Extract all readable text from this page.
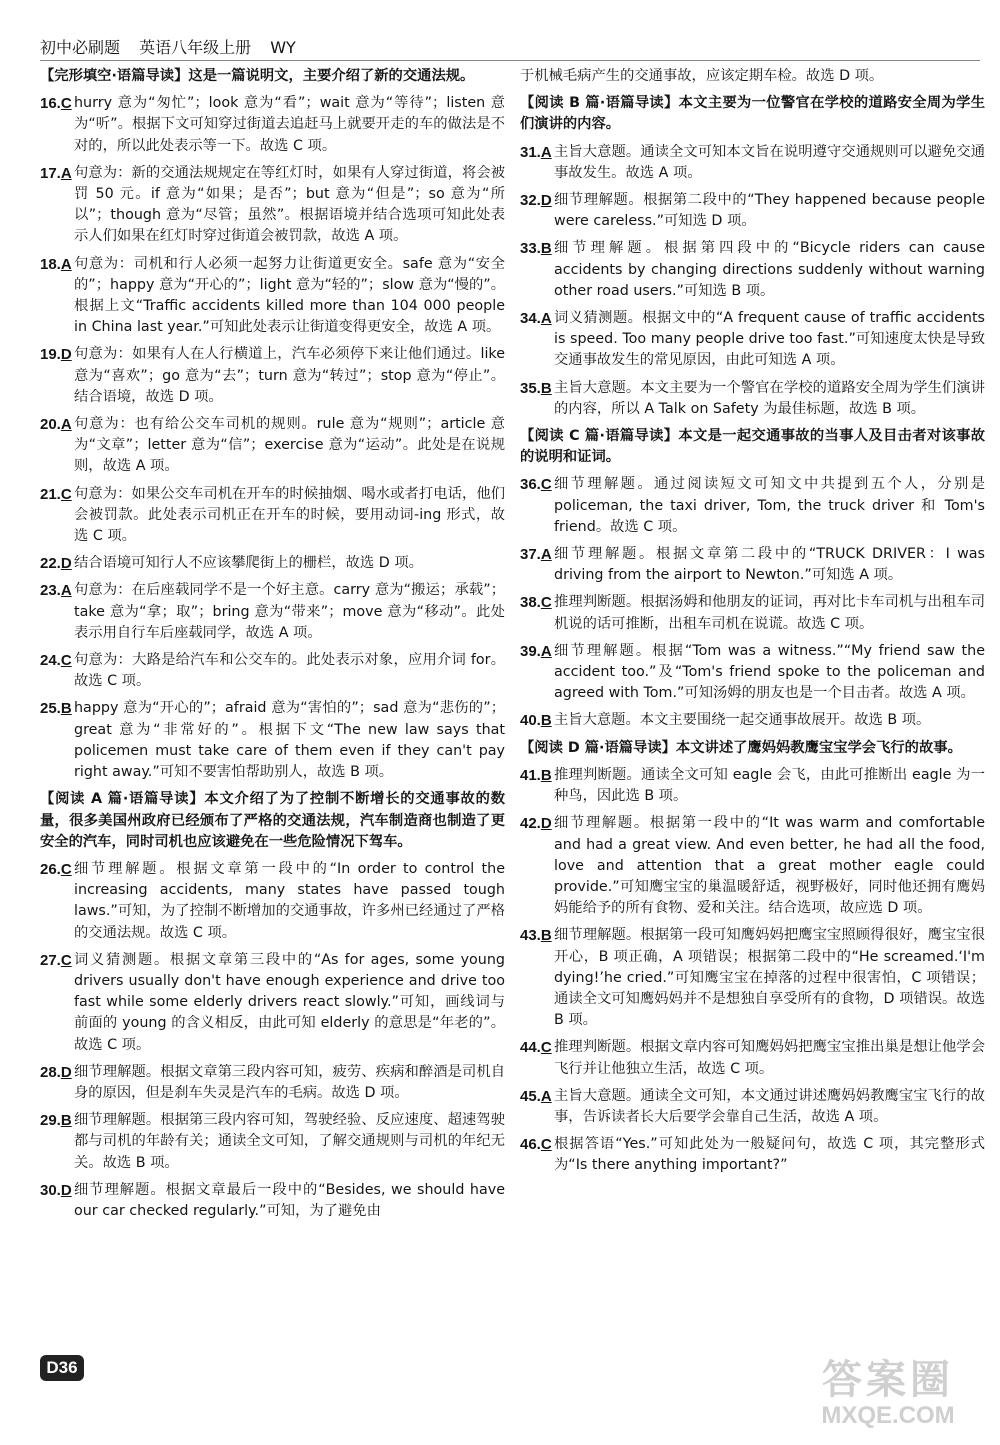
初中必刷题 英语八年级上册 WY
【完形填空·语篇导读】这是一篇说明文，主要介绍了新的交通法规。
16.C hurry 意为“匆忙”；look 意为“看”；wait 意为“等待”；listen 意为“听”。根据下文可知穿过街道去追赶马上就要开走的车的做法是不对的，所以此处表示等一下。故选 C 项。
17.A 句意为：新的交通法规规定在等红灯时，如果有人穿过街道，将会被罚 50 元。if 意为“如果；是否”；but 意为“但是”；so 意为“所以”；though 意为“尽管；虽然”。根据语境并结合选项可知此处表示人们如果在红灯时穿过街道会被罚款，故选 A 项。
18.A 句意为：司机和行人必须一起努力让街道更安全。safe 意为“安全的”；happy 意为“开心的”；light 意为“轻的”；slow 意为“慢的”。根据上文“Traffic accidents killed more than 104 000 people in China last year.”可知此处表示让街道变得更安全，故选 A 项。
19.D 句意为：如果有人在人行横道上，汽车必须停下来让他们通过。like 意为“喜欢”；go 意为“去”；turn 意为“转过”；stop 意为“停止”。结合语境，故选 D 项。
20.A 句意为：也有给公交车司机的规则。rule 意为“规则”；article 意为“文章”；letter 意为“信”；exercise 意为“运动”。此处是在说规则，故选 A 项。
21.C 句意为：如果公交车司机在开车的时候抽烟、喝水或者打电话，他们会被罚款。此处表示司机正在开车的时候，要用动词-ing 形式，故选 C 项。
22.D 结合语境可知行人不应该攀爬街上的栅栏，故选 D 项。
23.A 句意为：在后座载同学不是一个好主意。carry 意为“搬运；承载”；take 意为“拿；取”；bring 意为“带来”；move 意为“移动”。此处表示用自行车后座载同学，故选 A 项。
24.C 句意为：大路是给汽车和公交车的。此处表示对象，应用介词 for。故选 C 项。
25.B happy 意为“开心的”；afraid 意为“害怕的”；sad 意为“悲伤的”；great 意为“非常好的”。根据下文“The new law says that policemen must take care of them even if they can't pay right away.”可知不要害怕帮助别人，故选 B 项。
【阅读 A 篇·语篇导读】本文介绍了为了控制不断增长的交通事故的数量，很多美国州政府已经颁布了严格的交通法规，汽车制造商也制造了更安全的汽车，同时司机也应该避免在一些危险情况下驾车。
26.C 细节理解题。根据文章第一段中的“In order to control the increasing accidents, many states have passed tough laws.”可知，为了控制不断增加的交通事故，许多州已经通过了严格的交通法规。故选 C 项。
27.C 词义猜测题。根据文章第三段中的“As for ages, some young drivers usually don't have enough experience and drive too fast while some elderly drivers react slowly.”可知，画线词与前面的 young 的含义相反，由此可知 elderly 的意思是“年老的”。故选 C 项。
28.D 细节理解题。根据文章第三段内容可知，疲劳、疾病和醉酒是司机自身的原因，但是刹车失灵是汽车的毛病。故选 D 项。
29.B 细节理解题。根据第三段内容可知，驾驶经验、反应速度、超速驾驶都与司机的年龄有关；通读全文可知，了解交通规则与司机的年纪无关。故选 B 项。
30.D 细节理解题。根据文章最后一段中的“Besides, we should have our car checked regularly.”可知，为了避免由
于机械毛病产生的交通事故，应该定期车检。故选 D 项。
【阅读 B 篇·语篇导读】本文主要为一位警官在学校的道路安全周为学生们演讲的内容。
31.A 主旨大意题。通读全文可知本文旨在说明遵守交通规则可以避免交通事故发生。故选 A 项。
32.D 细节理解题。根据第二段中的“They happened because people were careless.”可知选 D 项。
33.B 细节理解题。根据第四段中的“Bicycle riders can cause accidents by changing directions suddenly without warning other road users.”可知选 B 项。
34.A 词义猜测题。根据文中的“A frequent cause of traffic accidents is speed. Too many people drive too fast.”可知速度太快是导致交通事故发生的常见原因，由此可知选 A 项。
35.B 主旨大意题。本文主要为一个警官在学校的道路安全周为学生们演讲的内容，所以 A Talk on Safety 为最佳标题，故选 B 项。
【阅读 C 篇·语篇导读】本文是一起交通事故的当事人及目击者对该事故的说明和证词。
36.C 细节理解题。通过阅读短文可知文中共提到五个人，分别是 policeman, the taxi driver, Tom, the truck driver 和 Tom's friend。故选 C 项。
37.A 细节理解题。根据文章第二段中的“TRUCK DRIVER：I was driving from the airport to Newton.”可知选 A 项。
38.C 推理判断题。根据汤姆和他朋友的证词，再对比卡车司机与出租车司机说的话可推断，出租车司机在说谎。故选 C 项。
39.A 细节理解题。根据“Tom was a witness.”“My friend saw the accident too.”及“Tom's friend spoke to the policeman and agreed with Tom.”可知汤姆的朋友也是一个目击者。故选 A 项。
40.B 主旨大意题。本文主要围绕一起交通事故展开。故选 B 项。
【阅读 D 篇·语篇导读】本文讲述了鹰妈妈教鹰宝宝学会飞行的故事。
41.B 推理判断题。通读全文可知 eagle 会飞，由此可推断出 eagle 为一种鸟，因此选 B 项。
42.D 细节理解题。根据第一段中的“It was warm and comfortable and had a great view. And even better, he had all the food, love and attention that a great mother eagle could provide.”可知鹰宝宝的巢温暖舒适，视野极好，同时他还拥有鹰妈妈能给予的所有食物、爱和关注。结合选项，故应选 D 项。
43.B 细节理解题。根据第一段可知鹰妈妈把鹰宝宝照顾得很好，鹰宝宝很开心，B 项正确，A 项错误；根据第二段中的“He screamed.‘I'm dying!’he cried.”可知鹰宝宝在掉落的过程中很害怕，C 项错误；通读全文可知鹰妈妈并不是想独自享受所有的食物，D 项错误。故选 B 项。
44.C 推理判断题。根据文章内容可知鹰妈妈把鹰宝宝推出巢是想让他学会飞行并让他独立生活，故选 C 项。
45.A 主旨大意题。通读全文可知，本文通过讲述鹰妈妈教鹰宝宝飞行的故事，告诉读者长大后要学会靠自己生活，故选 A 项。
46.C 根据答语“Yes.”可知此处为一般疑问句，故选 C 项，其完整形式为“Is there anything important?”
D36	答案圈
MXQE.COM
